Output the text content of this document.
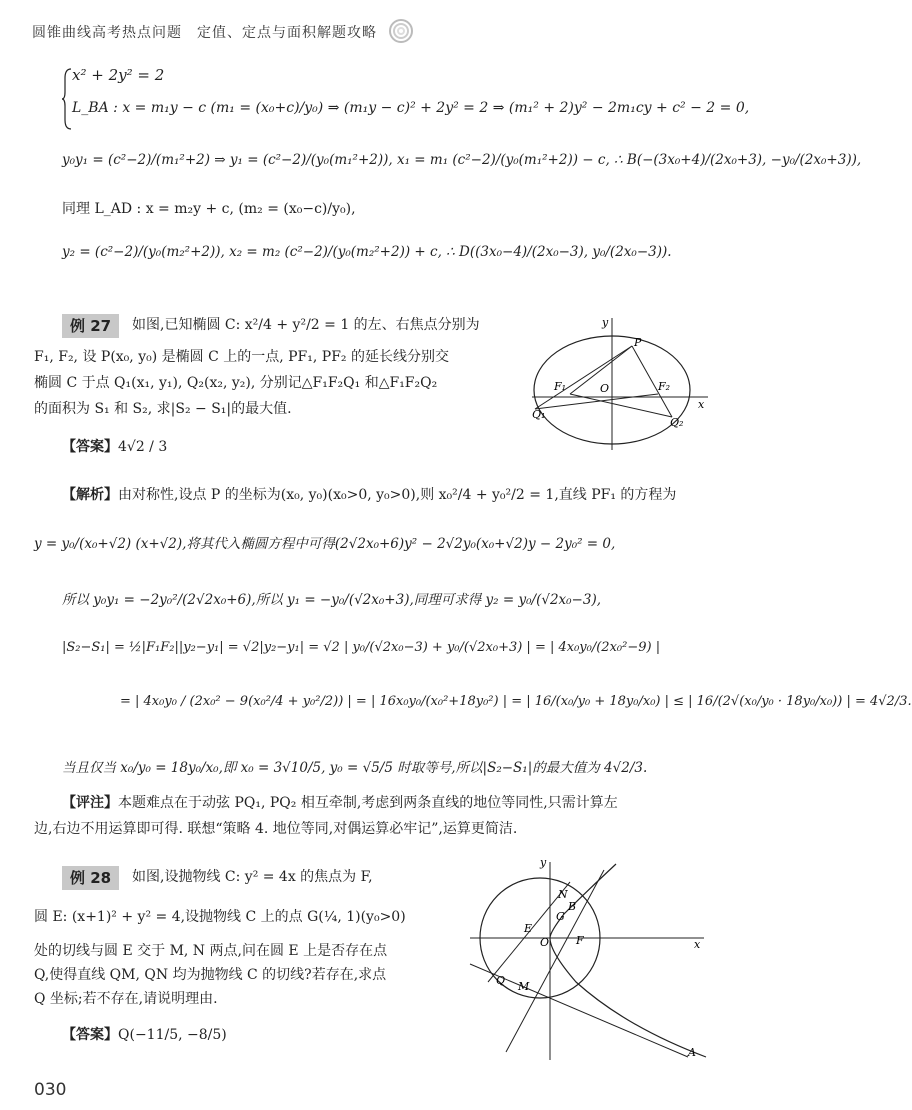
圆锥曲线高考热点问题　定值、定点与面积解题攻略
x² + 2y² = 2
L_BA : x = m₁y − c (m₁ = (x₀+c)/y₀) ⇒ (m₁y − c)² + 2y² = 2 ⇒ (m₁² + 2)y² − 2m₁cy + c² − 2 = 0,
y₀y₁ = (c²−2)/(m₁²+2) ⇒ y₁ = (c²−2)/(y₀(m₁²+2)), x₁ = m₁ (c²−2)/(y₀(m₁²+2)) − c, ∴ B(−(3x₀+4)/(2x₀+3), −y₀/(2x₀+3)),
同理 L_AD : x = m₂y + c, (m₂ = (x₀−c)/y₀),
y₂ = (c²−2)/(y₀(m₂²+2)), x₂ = m₂ (c²−2)/(y₀(m₂²+2)) + c, ∴ D((3x₀−4)/(2x₀−3), y₀/(2x₀−3)).
例 27	如图,已知椭圆 C: x²/4 + y²/2 = 1 的左、右焦点分别为
F₁, F₂, 设 P(x₀, y₀) 是椭圆 C 上的一点, PF₁, PF₂ 的延长线分别交
椭圆 C 于点 Q₁(x₁, y₁), Q₂(x₂, y₂), 分别记△F₁F₂Q₁ 和△F₁F₂Q₂
的面积为 S₁ 和 S₂, 求|S₂ − S₁|的最大值.
【答案】4√2 / 3
y
x
P
O
F₁	F₂
Q₁
Q₂
【解析】由对称性,设点 P 的坐标为(x₀, y₀)(x₀>0, y₀>0),则 x₀²/4 + y₀²/2 = 1,直线 PF₁ 的方程为
y = y₀/(x₀+√2) (x+√2),将其代入椭圆方程中可得(2√2x₀+6)y² − 2√2y₀(x₀+√2)y − 2y₀² = 0,
所以 y₀y₁ = −2y₀²/(2√2x₀+6),所以 y₁ = −y₀/(√2x₀+3),同理可求得 y₂ = y₀/(√2x₀−3),
|S₂−S₁| = ½|F₁F₂||y₂−y₁| = √2|y₂−y₁| = √2 | y₀/(√2x₀−3) + y₀/(√2x₀+3) | = | 4x₀y₀/(2x₀²−9) |
= | 4x₀y₀ / (2x₀² − 9(x₀²/4 + y₀²/2)) | = | 16x₀y₀/(x₀²+18y₀²) | = | 16/(x₀/y₀ + 18y₀/x₀) | ≤ | 16/(2√(x₀/y₀ · 18y₀/x₀)) | = 4√2/3.
当且仅当 x₀/y₀ = 18y₀/x₀,即 x₀ = 3√10/5, y₀ = √5/5 时取等号,所以|S₂−S₁|的最大值为 4√2/3.
【评注】本题难点在于动弦 PQ₁, PQ₂ 相互牵制,考虑到两条直线的地位等同性,只需计算左
边,右边不用运算即可得. 联想“策略 4. 地位等同,对偶运算必牢记”,运算更简洁.
例 28	如图,设抛物线 C: y² = 4x 的焦点为 F,
圆 E: (x+1)² + y² = 4,设抛物线 C 上的点 G(¼, 1)(y₀>0)
处的切线与圆 E 交于 M, N 两点,问在圆 E 上是否存在点
Q,使得直线 QM, QN 均为抛物线 C 的切线?若存在,求点
Q 坐标;若不存在,请说明理由.
【答案】Q(−11/5, −8/5)
y
x
N
B
G
E
O F
Q M
A
030
